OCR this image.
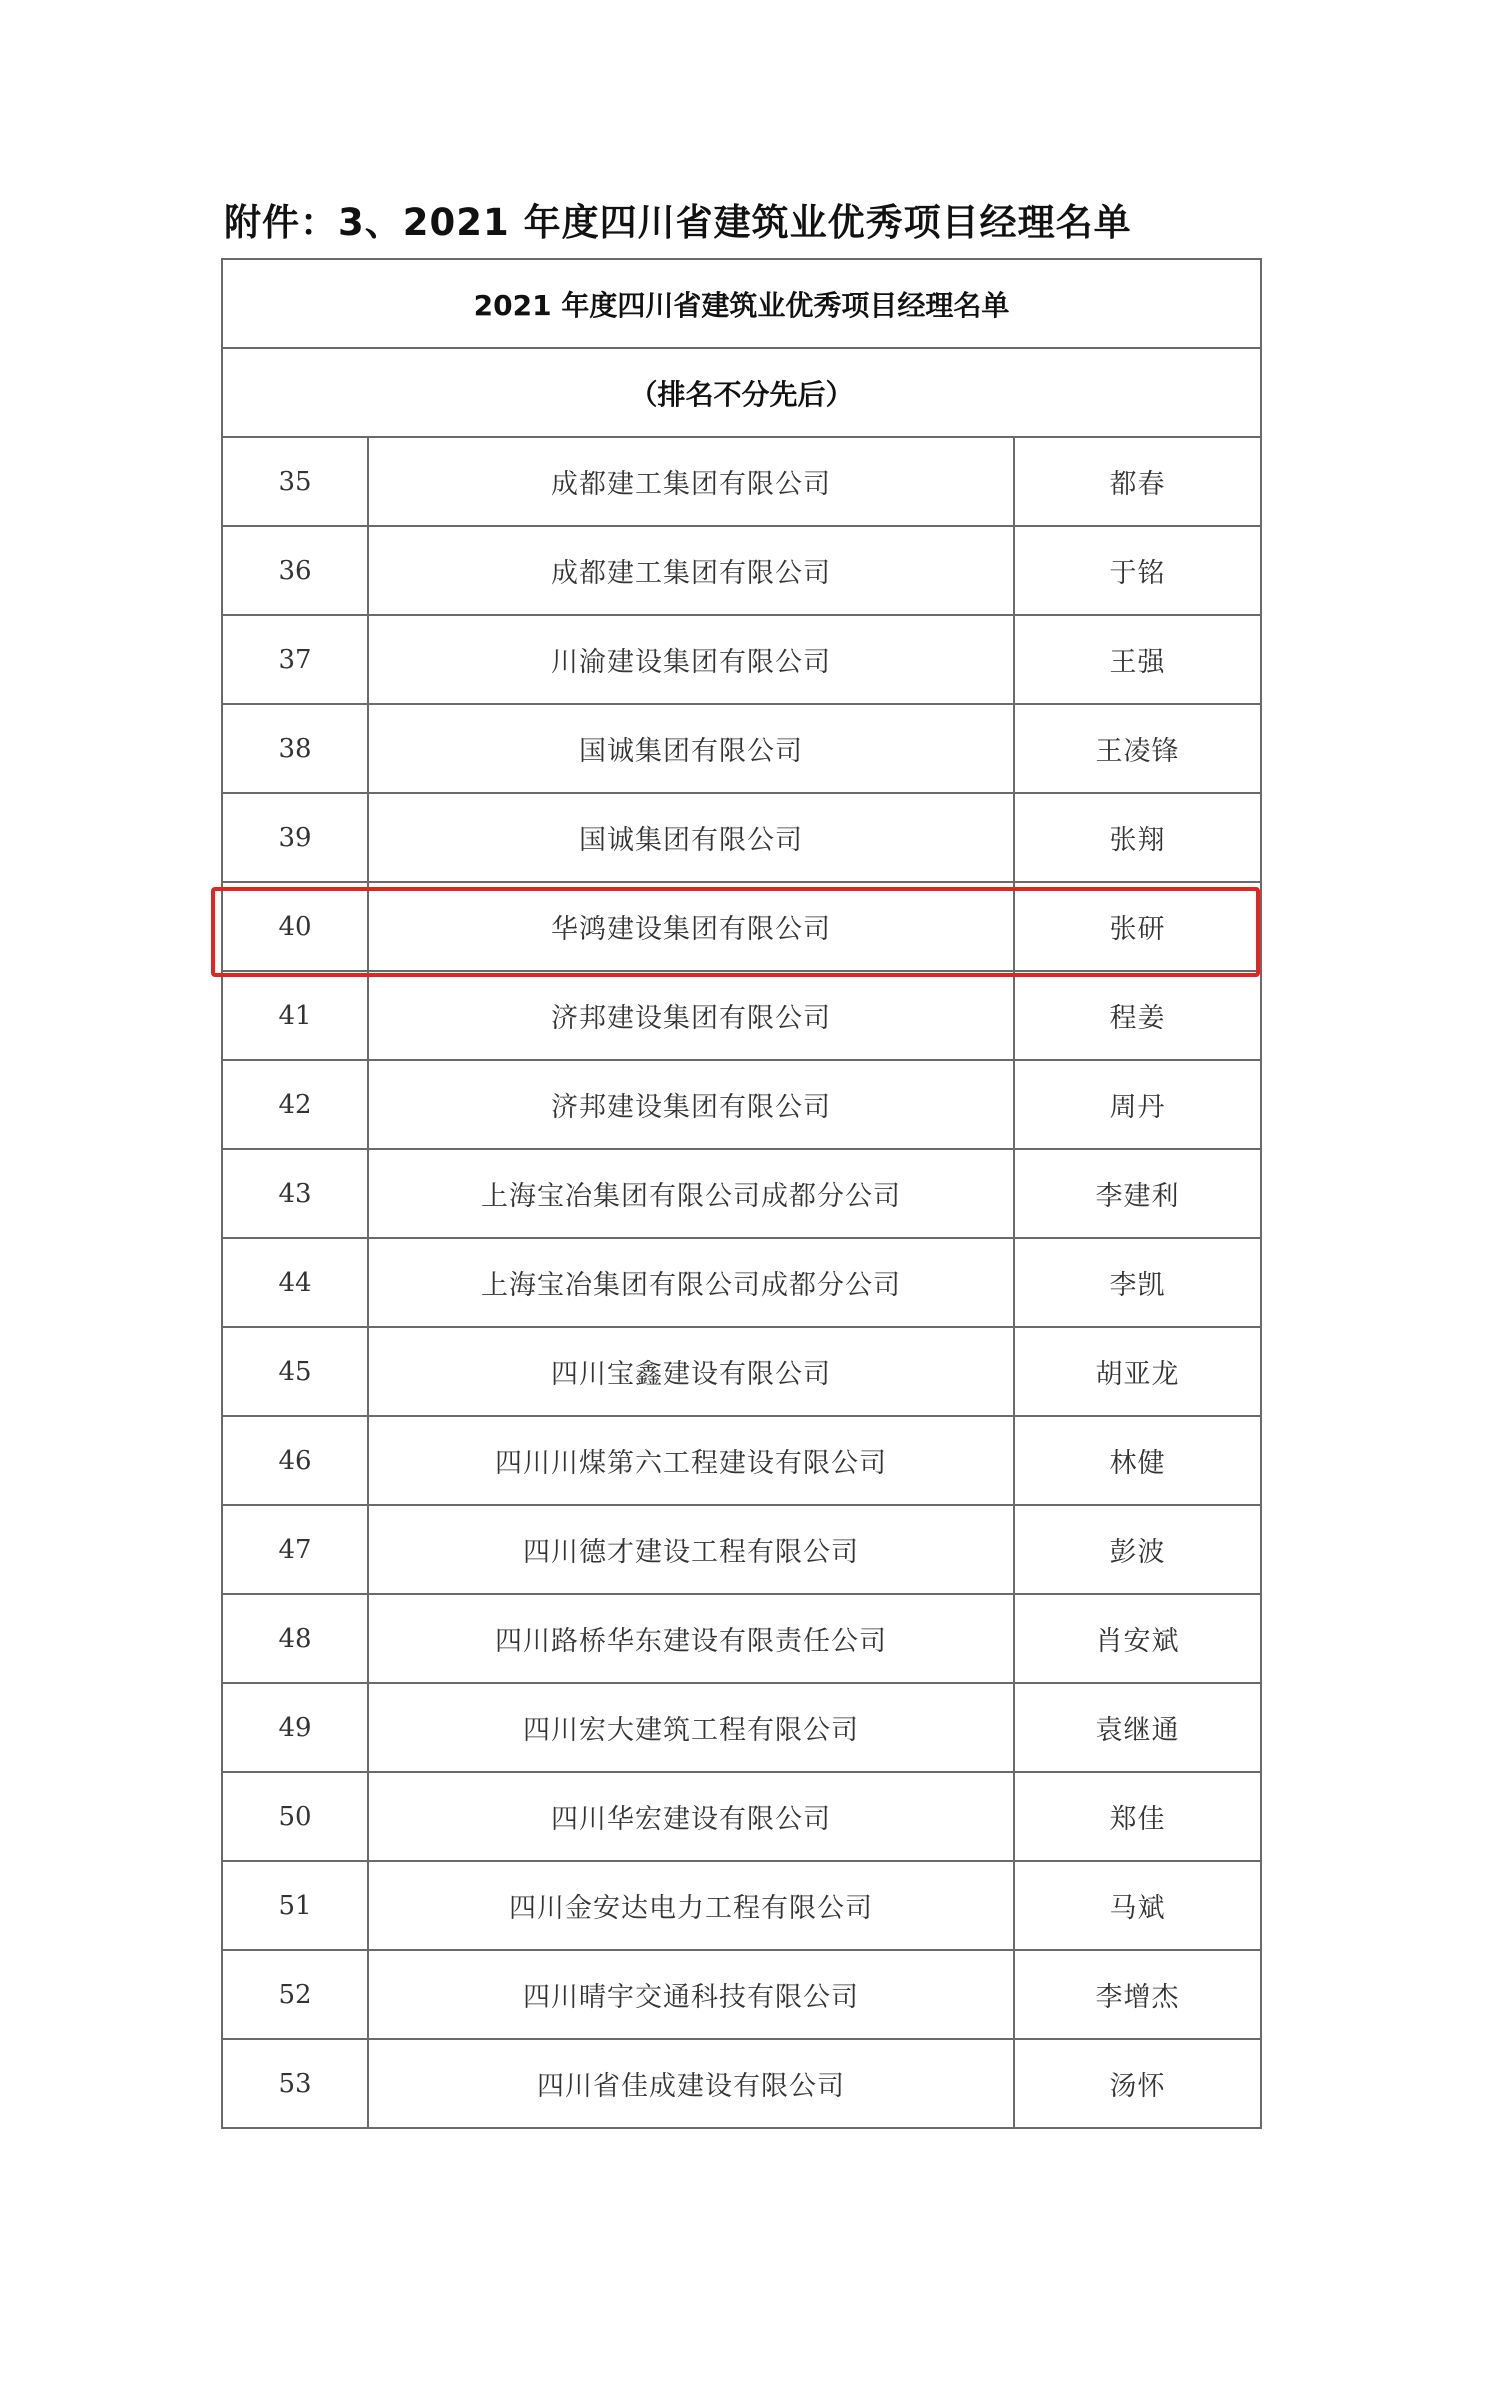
附件：3、2021 年度四川省建筑业优秀项目经理名单
2021 年度四川省建筑业优秀项目经理名单		
（排名不分先后）		
35	成都建工集团有限公司	都春
36	成都建工集团有限公司	于铭
37	川渝建设集团有限公司	王强
38	国诚集团有限公司	王凌锋
39	国诚集团有限公司	张翔
40	华鸿建设集团有限公司	张研
41	济邦建设集团有限公司	程姜
42	济邦建设集团有限公司	周丹
43	上海宝冶集团有限公司成都分公司	李建利
44	上海宝冶集团有限公司成都分公司	李凯
45	四川宝鑫建设有限公司	胡亚龙
46	四川川煤第六工程建设有限公司	林健
47	四川德才建设工程有限公司	彭波
48	四川路桥华东建设有限责任公司	肖安斌
49	四川宏大建筑工程有限公司	袁继通
50	四川华宏建设有限公司	郑佳
51	四川金安达电力工程有限公司	马斌
52	四川晴宇交通科技有限公司	李增杰
53	四川省佳成建设有限公司	汤怀
